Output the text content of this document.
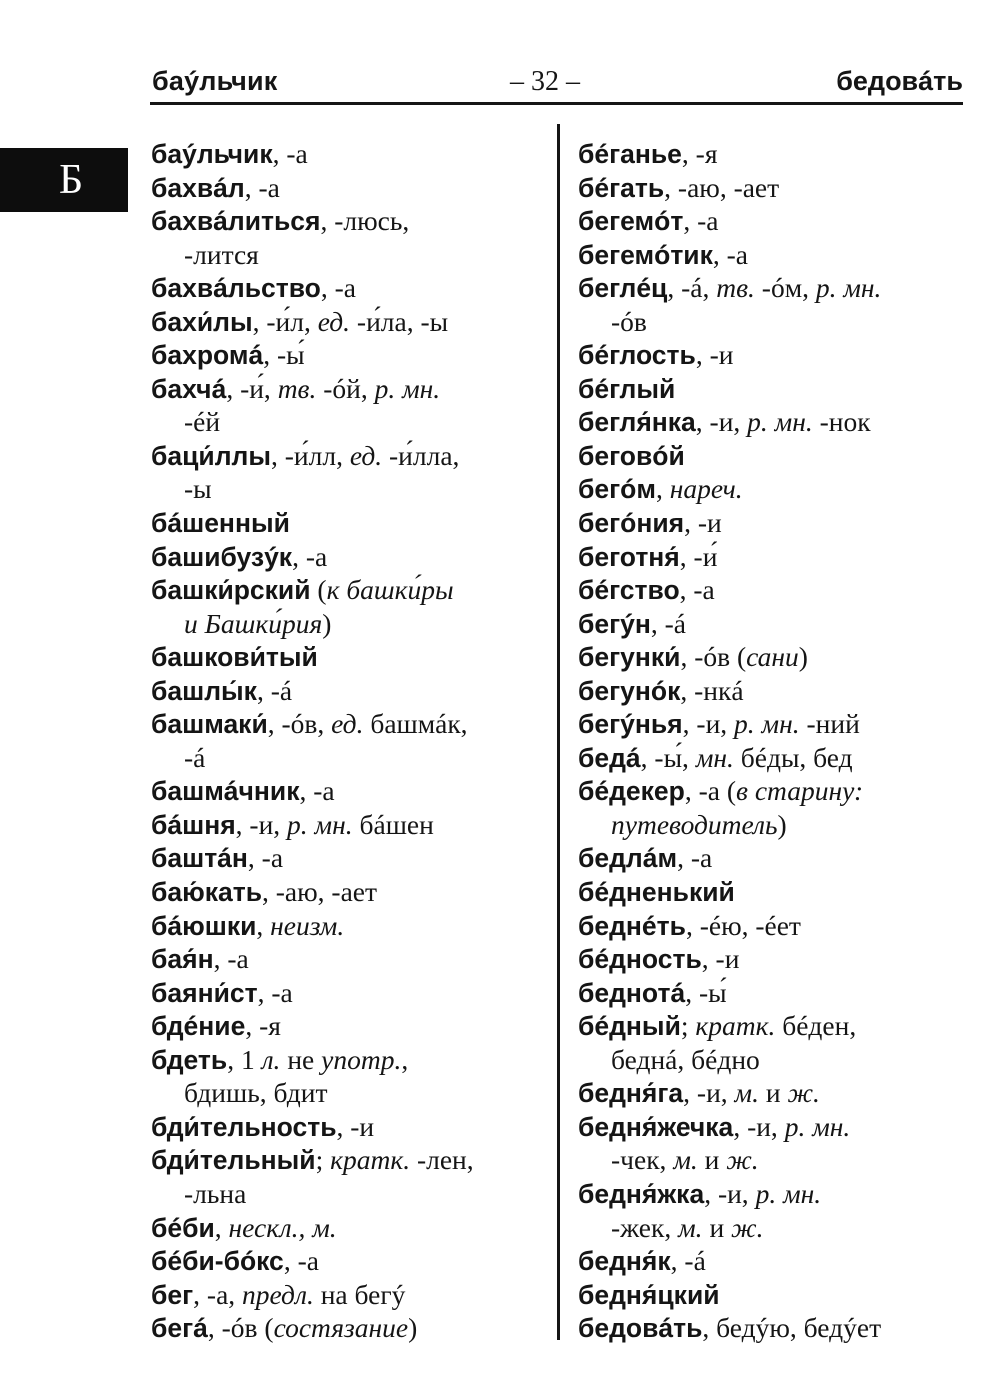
баýльчик	– 32 –	бедовáть
Б
баýльчик, -а
бахвáл, -а
бахвáлиться, -люсь,
-лится
бахвáльство, -а
бахи́лы, -и́л, ед. -и́ла, -ы
бахромá, -ы́
бахчá, -и́, тв. -óй, р. мн.
-éй
баци́ллы, -и́лл, ед. -и́лла,
-ы
бáшенный
башибузýк, -а
башки́рский (к башки́ры
и Башки́рия)
башкови́тый
башлы́к, -á
башмаки́, -óв, ед. башмáк,
-á
башмáчник, -а
бáшня, -и, р. мн. бáшен
баштáн, -а
баю́кать, -аю, -ает
бáюшки, неизм.
бая́н, -а
баяни́ст, -а
бдéние, -я
бдеть, 1 л. не употр.,
бдишь, бдит
бди́тельность, -и
бди́тельный; кратк. -лен,
-льна
бéби, нескл., м.
бéби-бóкс, -а
бег, -а, предл. на бегý
бегá, -óв (состязание)
бéганье, -я
бéгать, -аю, -ает
бегемóт, -а
бегемóтик, -а
беглéц, -á, тв. -óм, р. мн.
-óв
бéглость, -и
бéглый
бегля́нка, -и, р. мн. -нок
беговóй
бегóм, нареч.
бегóния, -и
беготня́, -и́
бéгство, -а
бегýн, -á
бегунки́, -óв (сани)
бегунóк, -нкá
бегýнья, -и, р. мн. -ний
бедá, -ы́, мн. бéды, бед
бéдекер, -а (в старину:
путеводитель)
бедлáм, -а
бéдненький
беднéть, -éю, -éет
бéдность, -и
беднотá, -ы́
бéдный; кратк. бéден,
беднá, бéдно
бедня́га, -и, м. и ж.
бедня́жечка, -и, р. мн.
-чек, м. и ж.
бедня́жка, -и, р. мн.
-жек, м. и ж.
бедня́к, -á
бедня́цкий
бедовáть, бедýю, бедýет
